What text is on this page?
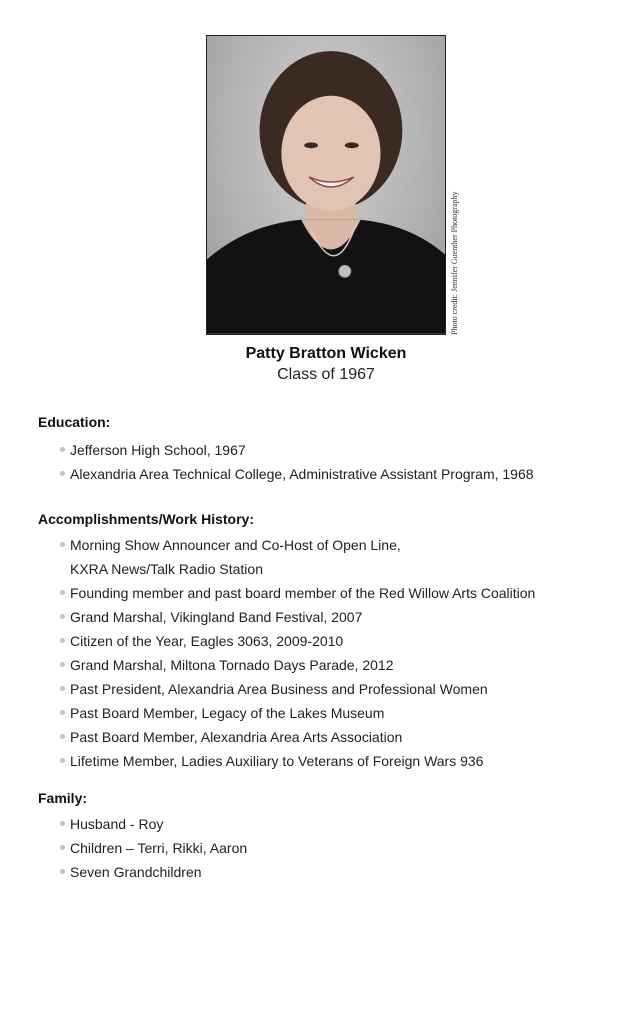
Photo credit: Jennifer Guenther Photography
Patty Bratton Wicken
Class of 1967
Education:
Jefferson High School, 1967
Alexandria Area Technical College, Administrative Assistant Program, 1968
Accomplishments/Work History:
Morning Show Announcer and Co-Host of Open Line,
KXRA News/Talk Radio Station
Founding member and past board member of the Red Willow Arts Coalition
Grand Marshal, Vikingland Band Festival, 2007
Citizen of the Year, Eagles 3063, 2009-2010
Grand Marshal, Miltona Tornado Days Parade, 2012
Past President, Alexandria Area Business and Professional Women
Past Board Member, Legacy of the Lakes Museum
Past Board Member, Alexandria Area Arts Association
Lifetime Member, Ladies Auxiliary to Veterans of Foreign Wars 936
Family:
Husband - Roy
Children – Terri, Rikki, Aaron
Seven Grandchildren
